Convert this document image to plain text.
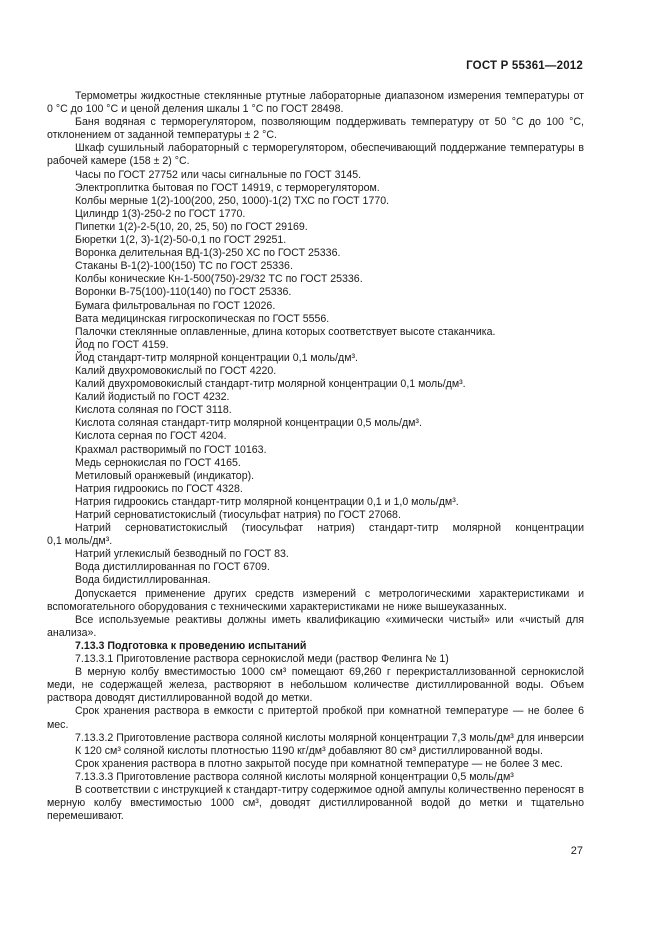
ГОСТ Р 55361—2012

Термометры жидкостные стеклянные ртутные лабораторные диапазоном измерения температуры от 0 °С до 100 °С и ценой деления шкалы 1 °С по ГОСТ 28498.

Баня водяная с терморегулятором, позволяющим поддерживать температуру от 50 °С до 100 °С, отклонением от заданной температуры ± 2 °С.

Шкаф сушильный лабораторный с терморегулятором, обеспечивающий поддержание температуры в рабочей камере (158 ± 2) °С.

Часы по ГОСТ 27752 или часы сигнальные по ГОСТ 3145.

Электроплитка бытовая по ГОСТ 14919, с терморегулятором.

Колбы мерные 1(2)-100(200, 250, 1000)-1(2) ТХС по ГОСТ 1770.

Цилиндр 1(3)-250-2 по ГОСТ 1770.

Пипетки 1(2)-2-5(10, 20, 25, 50) по ГОСТ 29169.

Бюретки 1(2, 3)-1(2)-50-0,1 по ГОСТ 29251.

Воронка делительная ВД-1(3)-250 ХС по ГОСТ 25336.

Стаканы В-1(2)-100(150) ТС по ГОСТ 25336.

Колбы конические Кн-1-500(750)-29/32 ТС по ГОСТ 25336.

Воронки В-75(100)-110(140) по ГОСТ 25336.

Бумага фильтровальная по ГОСТ 12026.

Вата медицинская гигроскопическая по ГОСТ 5556.

Палочки стеклянные оплавленные, длина которых соответствует высоте стаканчика.

Йод по ГОСТ 4159.

Йод стандарт-титр молярной концентрации 0,1 моль/дм³.

Калий двухромовокислый по ГОСТ 4220.

Калий двухромовокислый стандарт-титр молярной концентрации 0,1 моль/дм³.

Калий йодистый по ГОСТ 4232.

Кислота соляная по ГОСТ 3118.

Кислота соляная стандарт-титр молярной концентрации 0,5 моль/дм³.

Кислота серная по ГОСТ 4204.

Крахмал растворимый по ГОСТ 10163.

Медь сернокислая по ГОСТ 4165.

Метиловый оранжевый (индикатор).

Натрия гидроокись по ГОСТ 4328.

Натрия гидроокись стандарт-титр молярной концентрации 0,1 и 1,0 моль/дм³.

Натрий серноватистокислый (тиосульфат натрия) по ГОСТ 27068.

Натрий серноватистокислый (тиосульфат натрия) стандарт-титр молярной концентрации

0,1 моль/дм³.

Натрий углекислый безводный по ГОСТ 83.

Вода дистиллированная по ГОСТ 6709.

Вода бидистиллированная.

Допускается применение других средств измерений с метрологическими характеристиками и вспомогательного оборудования с техническими характеристиками не ниже вышеуказанных.

Все используемые реактивы должны иметь квалификацию «химически чистый» или «чистый для анализа».

7.13.3 Подготовка к проведению испытаний

7.13.3.1 Приготовление раствора сернокислой меди (раствор Фелинга № 1)

В мерную колбу вместимостью 1000 см³ помещают 69,260 г перекристаллизованной сернокислой меди, не содержащей железа, растворяют в небольшом количестве дистиллированной воды. Объем раствора доводят дистиллированной водой до метки.

Срок хранения раствора в емкости с притертой пробкой при комнатной температуре — не более 6 мес.

7.13.3.2 Приготовление раствора соляной кислоты молярной концентрации 7,3 моль/дм³ для инверсии

К 120 см³ соляной кислоты плотностью 1190 кг/дм³ добавляют 80 см³ дистиллированной воды.

Срок хранения раствора в плотно закрытой посуде при комнатной температуре — не более 3 мес.

7.13.3.3 Приготовление раствора соляной кислоты молярной концентрации 0,5 моль/дм³

В соответствии с инструкцией к стандарт-титру содержимое одной ампулы количественно переносят в мерную колбу вместимостью 1000 см³, доводят дистиллированной водой до метки и тщательно перемешивают.

27
